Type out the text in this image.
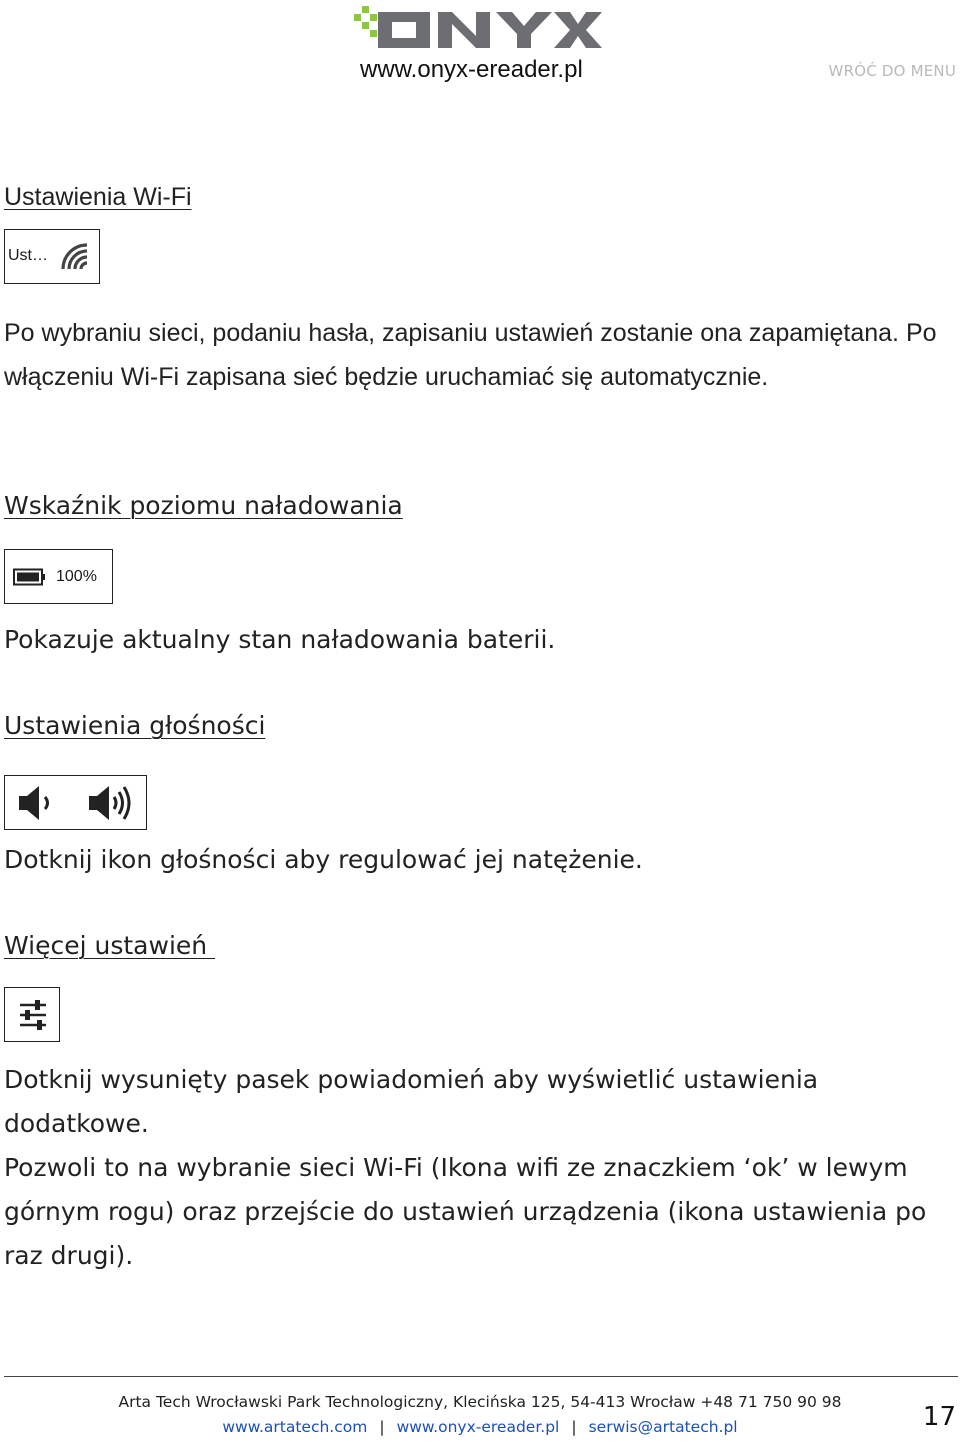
www.onyx-ereader.pl	WRÓĆ DO MENU
Ustawienia Wi-Fi
Ust…

Po wybraniu sieci, podaniu hasła, zapisaniu ustawień zostanie ona zapamiętana. Po włączeniu Wi-Fi zapisana sieć będzie uruchamiać się automatycznie.

Wskaźnik poziomu naładowania
100%

Pokazuje aktualny stan naładowania baterii.

Ustawienia głośności

Dotknij ikon głośności aby regulować jej natężenie.

Więcej ustawień

Dotknij wysunięty pasek powiadomień aby wyświetlić ustawienia dodatkowe.

Pozwoli to na wybranie sieci Wi-Fi (Ikona wifi ze znaczkiem ‘ok’ w lewym górnym rogu) oraz przejście do ustawień urządzenia (ikona ustawienia po raz drugi).

Arta Tech Wrocławski Park Technologiczny, Klecińska 125, 54-413 Wrocław +48 71 750 90 98
www.artatech.com | www.onyx-ereader.pl | serwis@artatech.pl	17
